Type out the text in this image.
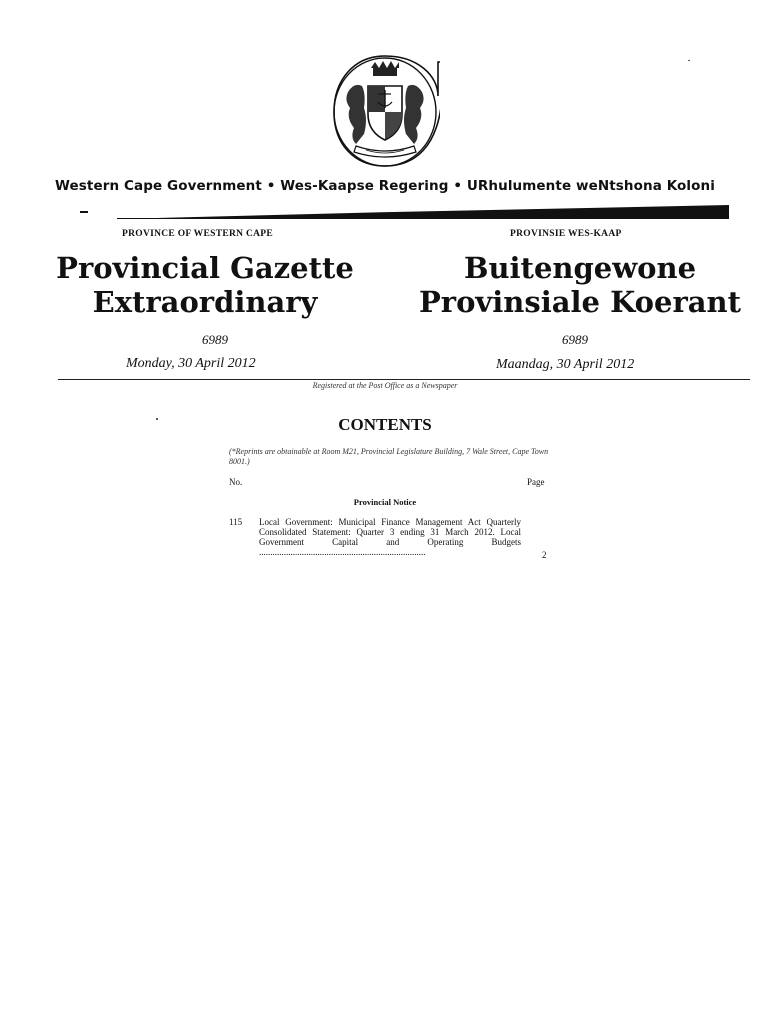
Western Cape Government • Wes-Kaapse Regering • URhulumente weNtshona Koloni
PROVINCE OF WESTERN CAPE	PROVINSIE WES-KAAP
Provincial Gazette
Extraordinary
Buitengewone
Provinsiale Koerant
6989	6989
Monday, 30 April 2012	Maandag, 30 April 2012
Registered at the Post Office as a Newspaper
CONTENTS
(*Reprints are obtainable at Room M21, Provincial Legislature Building, 7 Wale Street, Cape Town 8001.)
No.	Page
Provincial Notice
115 Local Government: Municipal Finance Management Act Quarterly Consolidated Statement: Quarter 3 ending 31 March 2012. Local Government Capital and Operating Budgets ..........................................................................	2
